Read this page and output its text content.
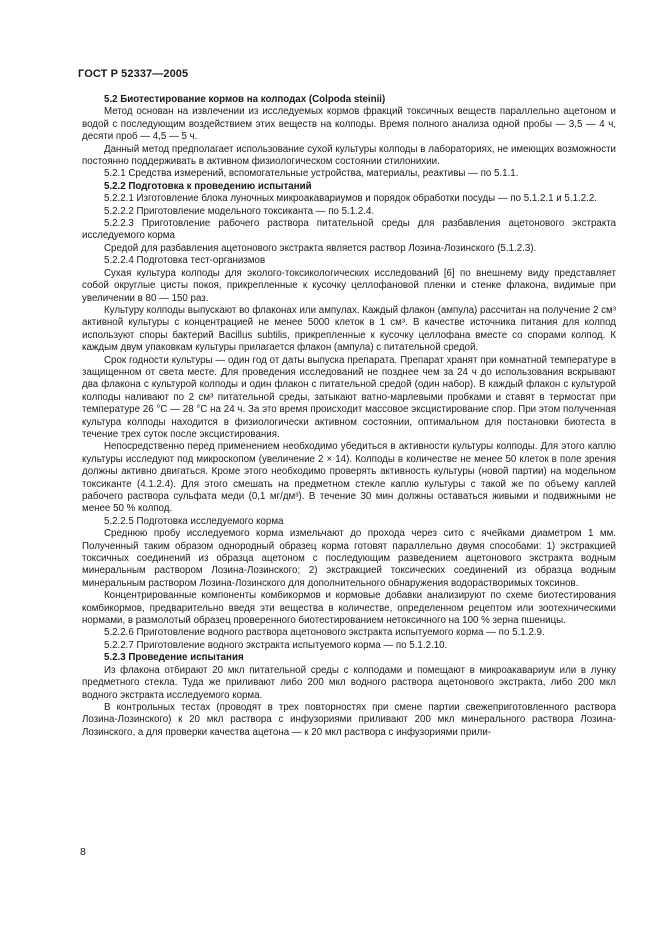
ГОСТ Р 52337—2005

5.2 Биотестирование кормов на колподах (Colpoda steinii)

Метод основан на извлечении из исследуемых кормов фракций токсичных веществ параллельно ацетоном и водой с последующим воздействием этих веществ на колподы. Время полного анализа одной пробы — 3,5 — 4 ч, десяти проб — 4,5 — 5 ч.

Данный метод предполагает использование сухой культуры колподы в лабораториях, не имеющих возможности постоянно поддерживать в активном физиологическом состоянии стилонихии.

5.2.1 Средства измерений, вспомогательные устройства, материалы, реактивы — по 5.1.1.

5.2.2 Подготовка к проведению испытаний

5.2.2.1 Изготовление блока луночных микроакавариумов и порядок обработки посуды — по 5.1.2.1 и 5.1.2.2.

5.2.2.2 Приготовление модельного токсиканта — по 5.1.2.4.

5.2.2.3 Приготовление рабочего раствора питательной среды для разбавления ацетонового экстракта исследуемого корма

Средой для разбавления ацетонового экстракта является раствор Лозина-Лозинского (5.1.2.3).

5.2.2.4 Подготовка тест-организмов

Сухая культура колподы для эколого-токсикологических исследований [6] по внешнему виду представляет собой округлые цисты покоя, прикрепленные к кусочку целлофановой пленки и стенке флакона, видимые при увеличении в 80 — 150 раз.

Культуру колподы выпускают во флаконах или ампулах. Каждый флакон (ампула) рассчитан на получение 2 см³ активной культуры с концентрацией не менее 5000 клеток в 1 см³. В качестве источника питания для колпод используют споры бактерий Bacillus subtilis, прикрепленные к кусочку целлофана вместе со спорами колпод. К каждым двум упаковкам культуры прилагается флакон (ампула) с питательной средой.

Срок годности культуры — один год от даты выпуска препарата. Препарат хранят при комнатной температуре в защищенном от света месте. Для проведения исследований не позднее чем за 24 ч до использования вскрывают два флакона с культурой колподы и один флакон с питательной средой (один набор). В каждый флакон с культурой колподы наливают по 2 см³ питательной среды, затыкают ватно-марлевыми пробками и ставят в термостат при температуре 26 °С — 28 °С на 24 ч. За это время происходит массовое эксцистирование спор. При этом полученная культура колподы находится в физиологически активном состоянии, оптимальном для постановки биотеста в течение трех суток после эксцистирования.

Непосредственно перед применением необходимо убедиться в активности культуры колподы. Для этого каплю культуры исследуют под микроскопом (увеличение 2 × 14). Колподы в количестве не менее 50 клеток в поле зрения должны активно двигаться. Кроме этого необходимо проверять активность культуры (новой партии) на модельном токсиканте (4.1.2.4). Для этого смешать на предметном стекле каплю культуры с такой же по объему каплей рабочего раствора сульфата меди (0,1 мг/дм³). В течение 30 мин должны оставаться живыми и подвижными не менее 50 % колпод.

5.2.2.5 Подготовка исследуемого корма

Среднюю пробу исследуемого корма измельчают до прохода через сито с ячейками диаметром 1 мм. Полученный таким образом однородный образец корма готовят параллельно двумя способами: 1) экстракцией токсичных соединений из образца ацетоном с последующим разведением ацетонового экстракта водным минеральным раствором Лозина-Лозинского; 2) экстракцией токсических соединений из образца водным минеральным раствором Лозина-Лозинского для дополнительного обнаружения водорастворимых токсинов.

Концентрированные компоненты комбикормов и кормовые добавки анализируют по схеме биотестирования комбикормов, предварительно введя эти вещества в количестве, определенном рецептом или зоотехническими нормами, в размолотый образец проверенного биотестированием нетоксичного на 100 % зерна пшеницы.

5.2.2.6 Приготовление водного раствора ацетонового экстракта испытуемого корма — по 5.1.2.9.

5.2.2.7 Приготовление водного экстракта испытуемого корма — по 5.1.2.10.

5.2.3 Проведение испытания

Из флакона отбирают 20 мкл питательной среды с колподами и помещают в микроакавариум или в лунку предметного стекла. Туда же приливают либо 200 мкл водного раствора ацетонового экстракта, либо 200 мкл водного экстракта исследуемого корма.

В контрольных тестах (проводят в трех повторностях при смене партии свежеприготовленного раствора Лозина-Лозинского) к 20 мкл раствора с инфузориями приливают 200 мкл минерального раствора Лозина-Лозинского, а для проверки качества ацетона — к 20 мкл раствора с инфузориями прили-

8
